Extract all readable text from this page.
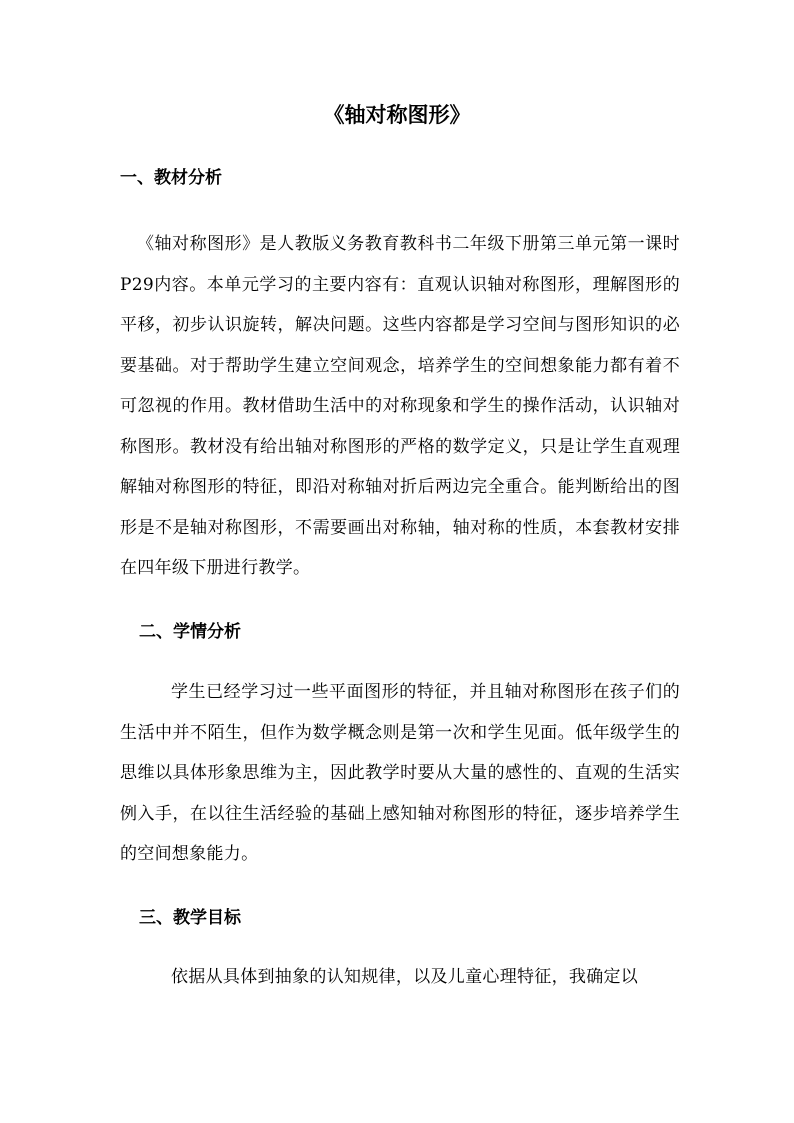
《轴对称图形》
一、教材分析
《轴对称图形》是人教版义务教育教科书二年级下册第三单元第一课时P29内容。本单元学习的主要内容有：直观认识轴对称图形，理解图形的平移，初步认识旋转，解决问题。这些内容都是学习空间与图形知识的必要基础。对于帮助学生建立空间观念，培养学生的空间想象能力都有着不可忽视的作用。教材借助生活中的对称现象和学生的操作活动，认识轴对称图形。教材没有给出轴对称图形的严格的数学定义，只是让学生直观理解轴对称图形的特征，即沿对称轴对折后两边完全重合。能判断给出的图形是不是轴对称图形，不需要画出对称轴，轴对称的性质，本套教材安排在四年级下册进行教学。
二、学情分析
学生已经学习过一些平面图形的特征，并且轴对称图形在孩子们的生活中并不陌生，但作为数学概念则是第一次和学生见面。低年级学生的思维以具体形象思维为主，因此教学时要从大量的感性的、直观的生活实例入手，在以往生活经验的基础上感知轴对称图形的特征，逐步培养学生的空间想象能力。
三、教学目标
依据从具体到抽象的认知规律，以及儿童心理特征，我确定以
